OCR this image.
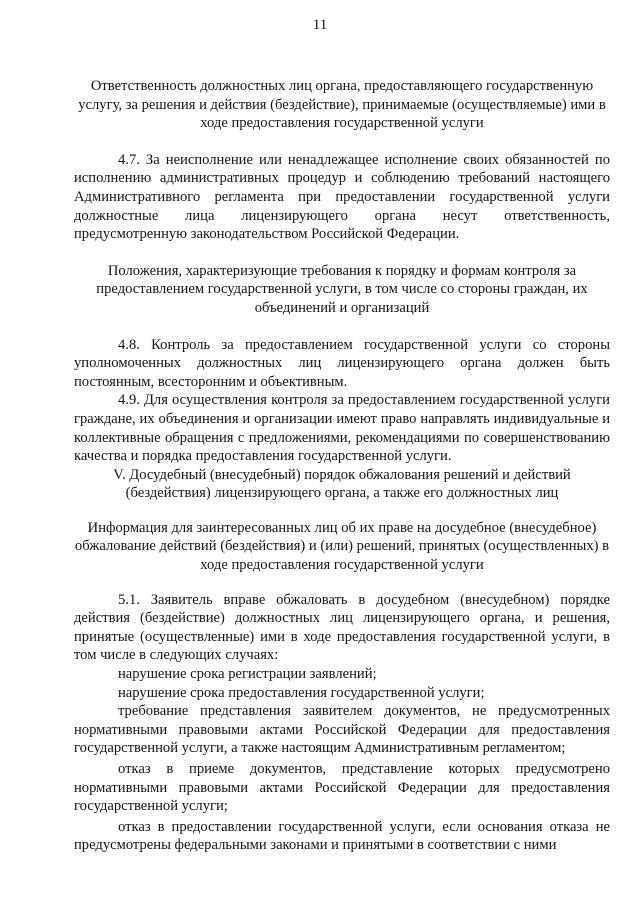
11

Ответственность должностных лиц органа, предоставляющего государственную услугу, за решения и действия (бездействие), принимаемые (осуществляемые) ими в ходе предоставления государственной услуги

4.7. За неисполнение или ненадлежащее исполнение своих обязанностей по исполнению административных процедур и соблюдению требований настоящего Административного регламента при предоставлении государственной услуги должностные лица лицензирующего органа несут ответственность, предусмотренную законодательством Российской Федерации.

Положения, характеризующие требования к порядку и формам контроля за предоставлением государственной услуги, в том числе со стороны граждан, их объединений и организаций

4.8. Контроль за предоставлением государственной услуги со стороны уполномоченных должностных лиц лицензирующего органа должен быть постоянным, всесторонним и объективным.

4.9. Для осуществления контроля за предоставлением государственной услуги граждане, их объединения и организации имеют право направлять индивидуальные и коллективные обращения с предложениями, рекомендациями по совершенствованию качества и порядка предоставления государственной услуги.

V. Досудебный (внесудебный) порядок обжалования решений и действий (бездействия) лицензирующего органа, а также его должностных лиц

Информация для заинтересованных лиц об их праве на досудебное (внесудебное) обжалование действий (бездействия) и (или) решений, принятых (осуществленных) в ходе предоставления государственной услуги

5.1. Заявитель вправе обжаловать в досудебном (внесудебном) порядке действия (бездействие) должностных лиц лицензирующего органа, и решения, принятые (осуществленные) ими в ходе предоставления государственной услуги, в том числе в следующих случаях:

нарушение срока регистрации заявлений;

нарушение срока предоставления государственной услуги;

требование представления заявителем документов, не предусмотренных нормативными правовыми актами Российской Федерации для предоставления государственной услуги, а также настоящим Административным регламентом;

отказ в приеме документов, представление которых предусмотрено нормативными правовыми актами Российской Федерации для предоставления государственной услуги;

отказ в предоставлении государственной услуги, если основания отказа не предусмотрены федеральными законами и принятыми в соответствии с ними
